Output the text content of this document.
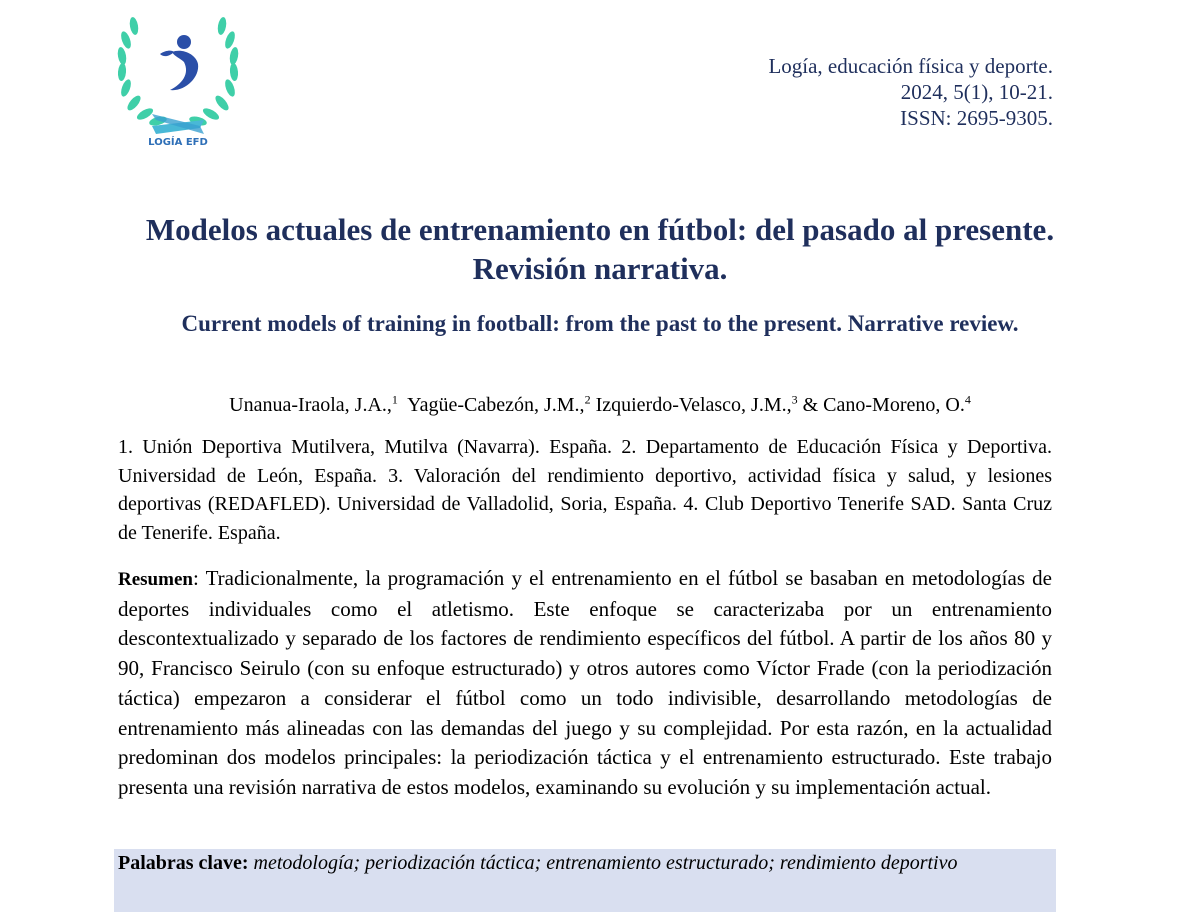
LOGÍA EFD
Logía, educación física y deporte.
2024, 5(1), 10-21.
ISSN: 2695-9305.
Modelos actuales de entrenamiento en fútbol: del pasado al presente. Revisión narrativa.
Current models of training in football: from the past to the present. Narrative review.
Unanua-Iraola, J.A.,$^1$ Yagüe-Cabezón, J.M.,$^2$ Izquierdo-Velasco, J.M.,$^3$ & Cano-Moreno, O.$^4$

1. Unión Deportiva Mutilvera, Mutilva (Navarra). España. 2. Departamento de Educación Física y Deportiva. Universidad de León, España. 3. Valoración del rendimiento deportivo, actividad física y salud, y lesiones deportivas (REDAFLED). Universidad de Valladolid, Soria, España. 4. Club Deportivo Tenerife SAD. Santa Cruz de Tenerife. España.

Resumen: Tradicionalmente, la programación y el entrenamiento en el fútbol se basaban en metodologías de deportes individuales como el atletismo. Este enfoque se caracterizaba por un entrenamiento descontextualizado y separado de los factores de rendimiento específicos del fútbol. A partir de los años 80 y 90, Francisco Seirulo (con su enfoque estructurado) y otros autores como Víctor Frade (con la periodización táctica) empezaron a considerar el fútbol como un todo indivisible, desarrollando metodologías de entrenamiento más alineadas con las demandas del juego y su complejidad. Por esta razón, en la actualidad predominan dos modelos principales: la periodización táctica y el entrenamiento estructurado. Este trabajo presenta una revisión narrativa de estos modelos, examinando su evolución y su implementación actual.

Palabras clave: metodología; periodización táctica; entrenamiento estructurado; rendimiento deportivo
